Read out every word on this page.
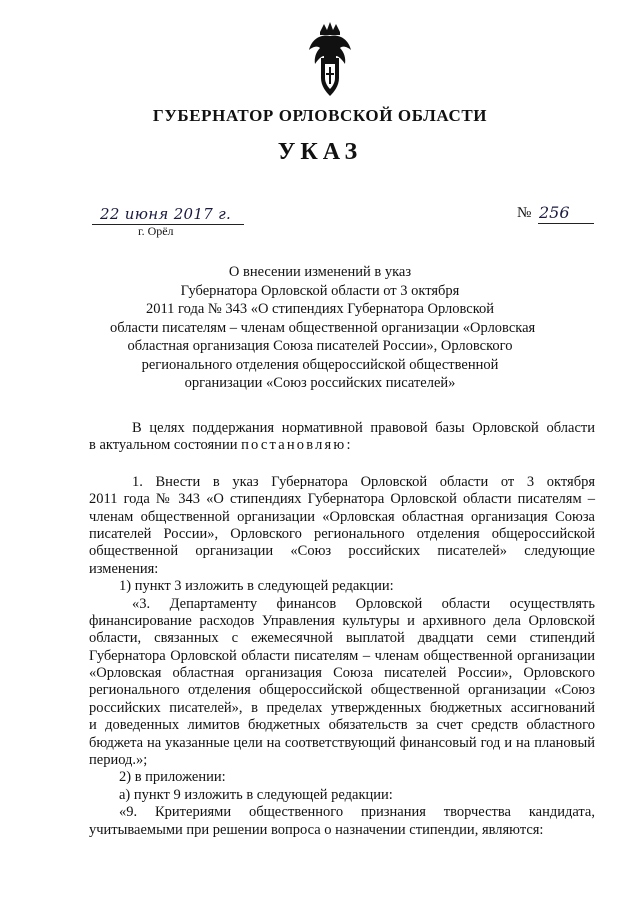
ГУБЕРНАТОР ОРЛОВСКОЙ ОБЛАСТИ
УКАЗ
22 июня 2017 г.
г. Орёл
№ 256
О внесении изменений в указ
Губернатора Орловской области от 3 октября
2011 года № 343 «О стипендиях Губернатора Орловской
области писателям – членам общественной организации «Орловская
областная организация Союза писателей России», Орловского
регионального отделения общероссийской общественной
организации «Союз российских писателей»
В целях поддержания нормативной правовой базы Орловской области
в актуальном состоянии постановляю:
1. Внести в указ Губернатора Орловской области от 3 октября
2011 года № 343 «О стипендиях Губернатора Орловской области писателям –
членам общественной организации «Орловская областная организация Союза
писателей России», Орловского регионального отделения общероссийской
общественной организации «Союз российских писателей» следующие
изменения:
1) пункт 3 изложить в следующей редакции:
«3. Департаменту финансов Орловской области осуществлять
финансирование расходов Управления культуры и архивного дела Орловской
области, связанных с ежемесячной выплатой двадцати семи стипендий
Губернатора Орловской области писателям – членам общественной организации
«Орловская областная организация Союза писателей России», Орловского
регионального отделения общероссийской общественной организации «Союз
российских писателей», в пределах утвержденных бюджетных ассигнований
и доведенных лимитов бюджетных обязательств за счет средств областного
бюджета на указанные цели на соответствующий финансовый год и на плановый
период.»;
2) в приложении:
а) пункт 9 изложить в следующей редакции:
«9. Критериями общественного признания творчества кандидата,
учитываемыми при решении вопроса о назначении стипендии, являются:
